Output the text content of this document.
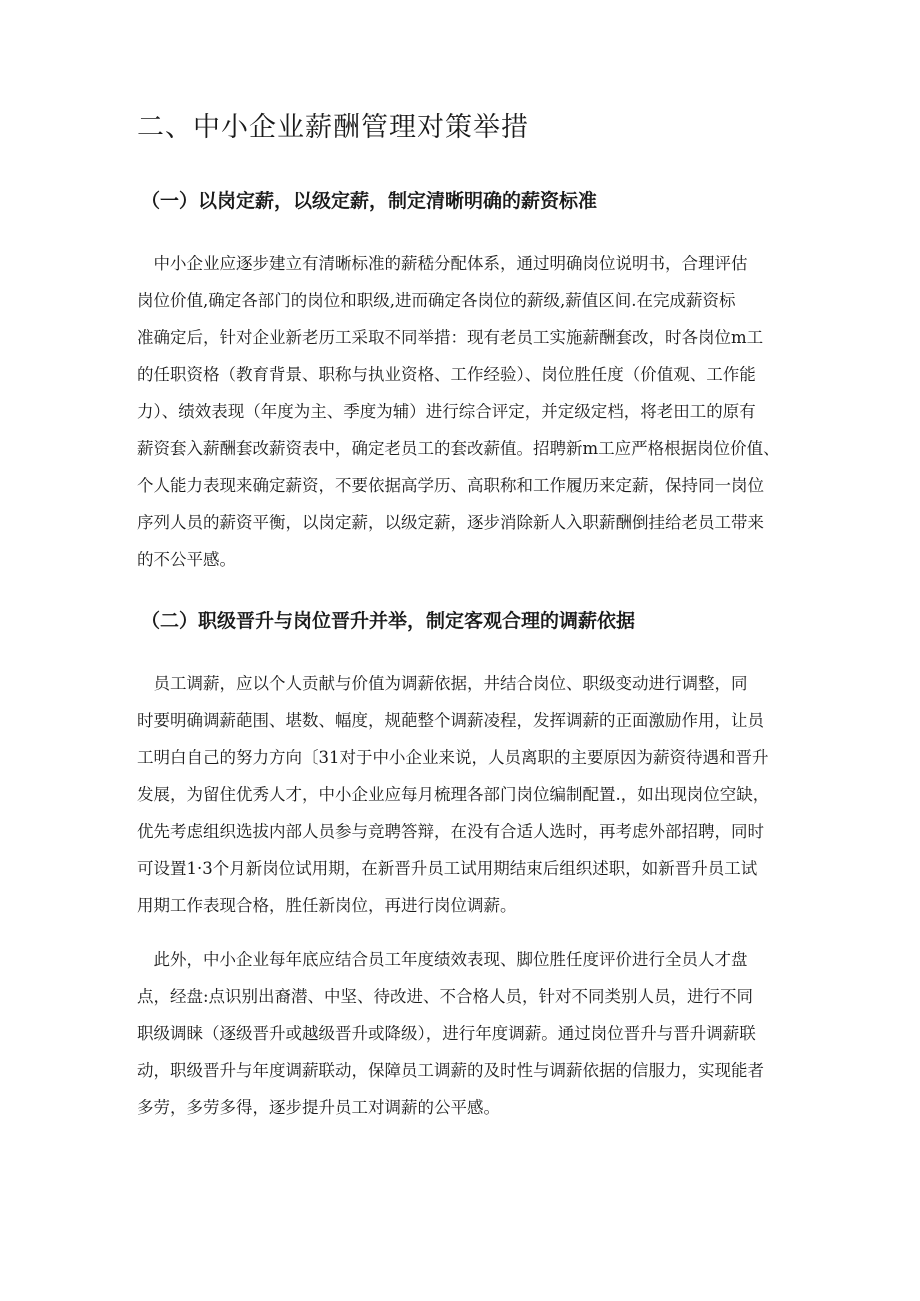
二、中小企业薪酬管理对策举措
（一）以岗定薪，以级定薪，制定清晰明确的薪资标准
　中小企业应逐步建立有清晰标准的薪嵇分配体系，通过明确岗位说明书，合理评估
岗位价值,确定各部门的岗位和职级,进而确定各岗位的薪级,薪值区间.在完成薪资标
准确定后，针对企业新老历工采取不同举措：现有老员工实施薪酬套改，时各岗位m工
的任职资格（教育背景、职称与执业资格、工作经验）、岗位胜任度（价值观、工作能
力）、绩效表现（年度为主、季度为辅）进行综合评定，并定级定档，将老田工的原有
薪资套入薪酬套改薪资表中，确定老员工的套改薪值。招聘新m工应严格根据岗位价值、
个人能力表现来确定薪资，不要依据高学历、高职称和工作履历来定薪，保持同一岗位
序列人员的薪资平衡，以岗定薪，以级定薪，逐步消除新人入职薪酬倒挂给老员工带来
的不公平感。
（二）职级晋升与岗位晋升并举，制定客观合理的调薪依据
　员工调薪，应以个人贡献与价值为调薪依据，井结合岗位、职级变动进行调整，同
时要明确调薪葩围、堪数、幅度，规葩整个调薪凌程，发挥调薪的正面激励作用，让员
工明白自己的努力方向〔31对于中小企业来说，人员离职的主要原因为薪资待遇和晋升
发展，为留住优秀人才，中小企业应每月梳理各部门岗位编制配置.，如出现岗位空缺，
优先考虑组织选拔内部人员参与竞聘答辩，在没有合适人选时，再考虑外部招聘，同时
可设置1·3个月新岗位试用期，在新晋升员工试用期结束后组织述职，如新晋升员工试
用期工作表现合格，胜任新岗位，再进行岗位调薪。
　此外，中小企业每年底应结合员工年度绩效表现、脚位胜任度评价进行全员人才盘
点，经盘:点识别出裔潜、中坚、待改进、不合格人员，针对不同类别人员，进行不同
职级调睐（逐级晋升或越级晋升或降级），进行年度调薪。通过岗位晋升与晋升调薪联
动，职级晋升与年度调薪联动，保障员工调薪的及时性与调薪依据的信服力，实现能者
多劳，多劳多得，逐步提升员工对调薪的公平感。
